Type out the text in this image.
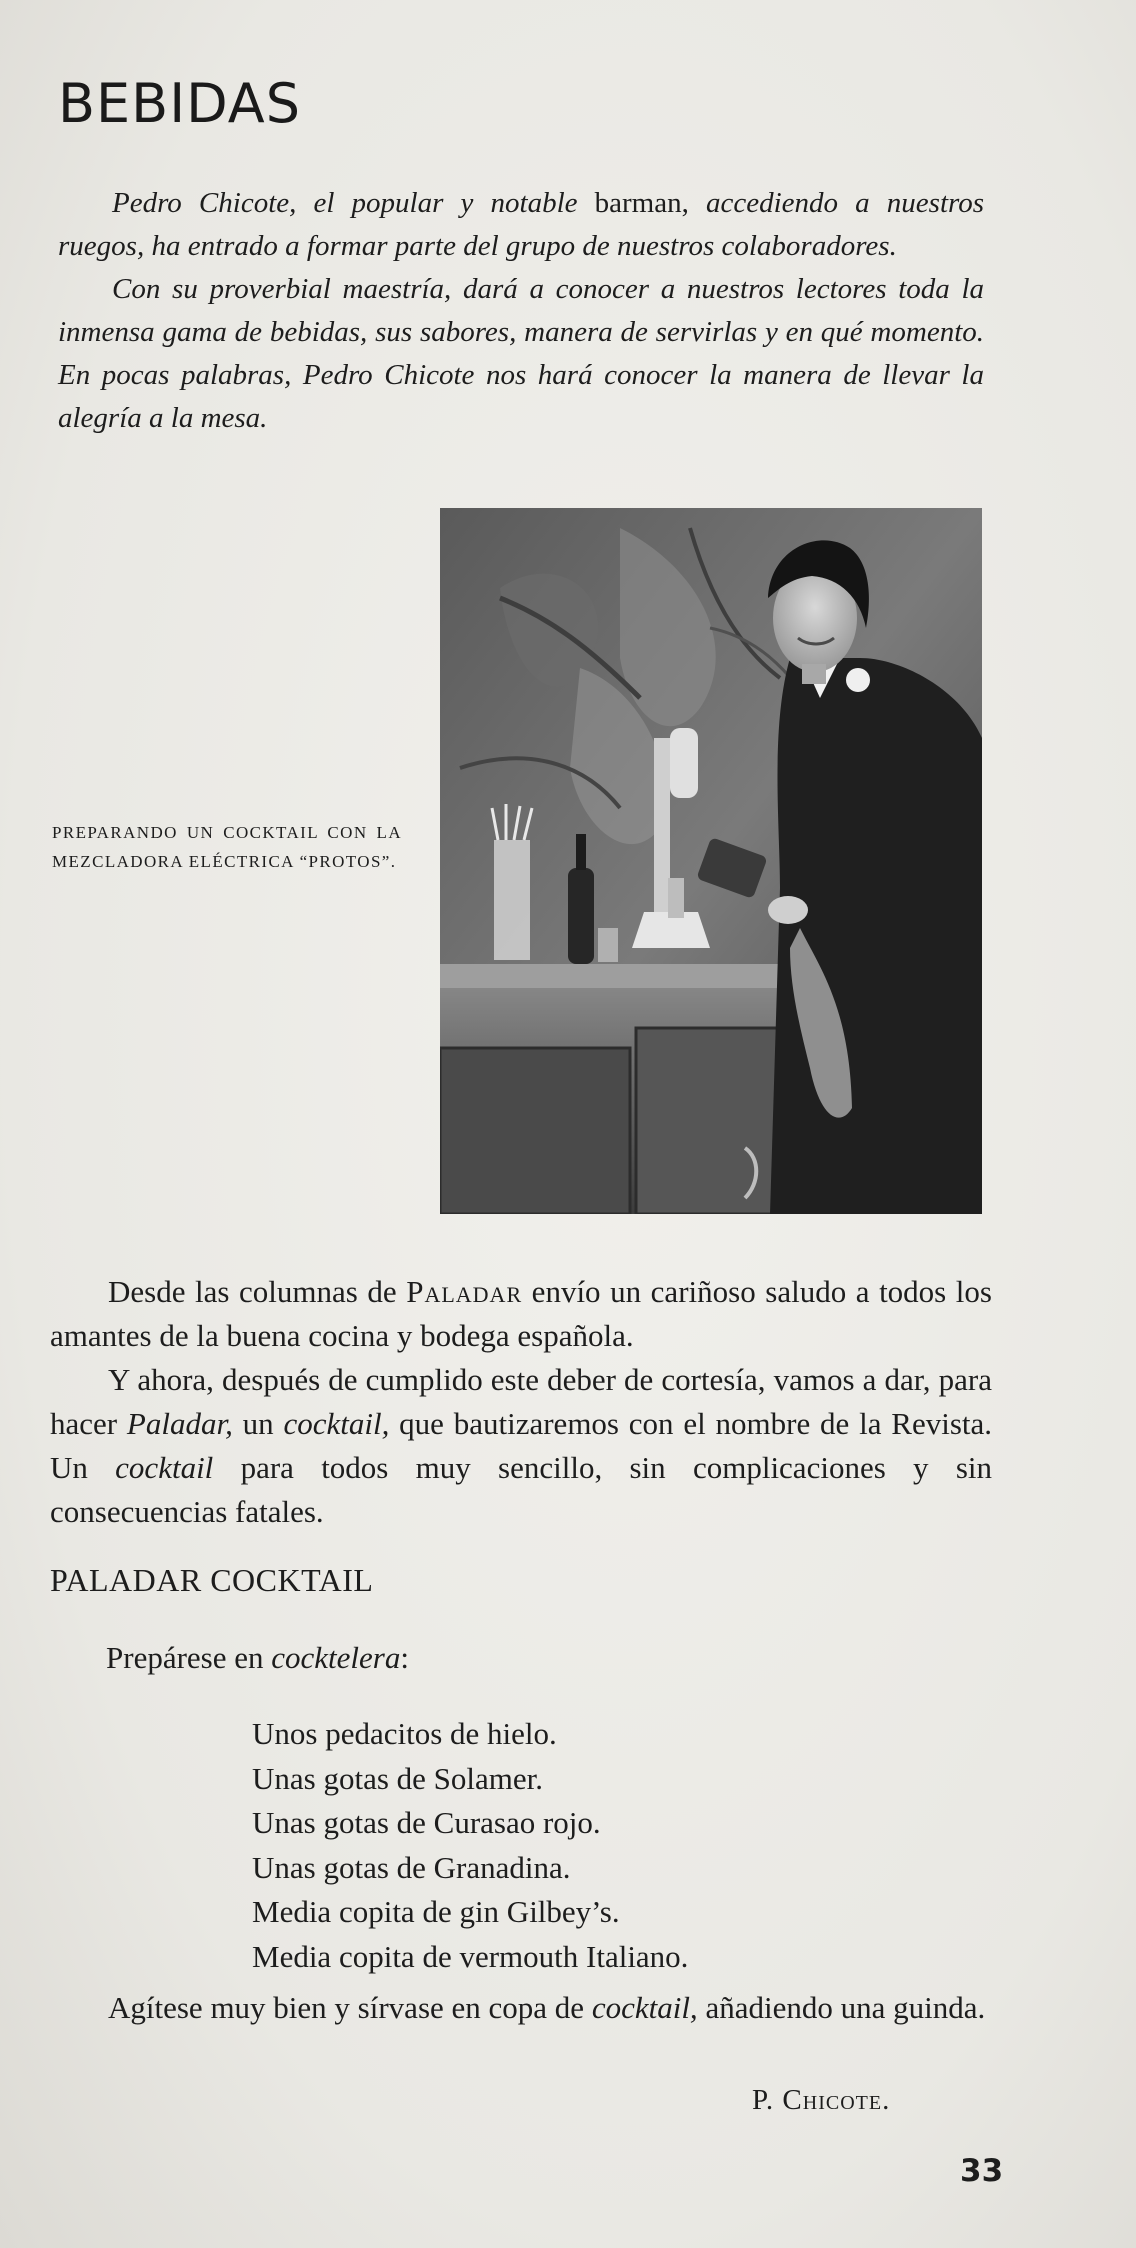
BEBIDAS

Pedro Chicote, el popular y notable barman, accediendo a nuestros ruegos, ha entrado a formar parte del grupo de nuestros colaboradores.

Con su proverbial maestría, dará a conocer a nuestros lectores toda la inmensa gama de bebidas, sus sabores, manera de servirlas y en qué momento. En pocas palabras, Pedro Chicote nos hará conocer la manera de llevar la alegría a la mesa.

PREPARANDO UN COCKTAIL CON LA MEZCLADORA ELÉCTRICA “PROTOS”.

Desde las columnas de Paladar envío un cariñoso saludo a todos los amantes de la buena cocina y bodega española.

Y ahora, después de cumplido este deber de cortesía, vamos a dar, para hacer Paladar, un cocktail, que bautizaremos con el nombre de la Revista. Un cocktail para todos muy sencillo, sin complicaciones y sin consecuencias fatales.

PALADAR COCKTAIL
Prepárese en cocktelera:
Unos pedacitos de hielo.
Unas gotas de Solamer.
Unas gotas de Curasao rojo.
Unas gotas de Granadina.
Media copita de gin Gilbey’s.
Media copita de vermouth Italiano.

Agítese muy bien y sírvase en copa de cocktail, añadiendo una guinda.

P. Chicote.
33
